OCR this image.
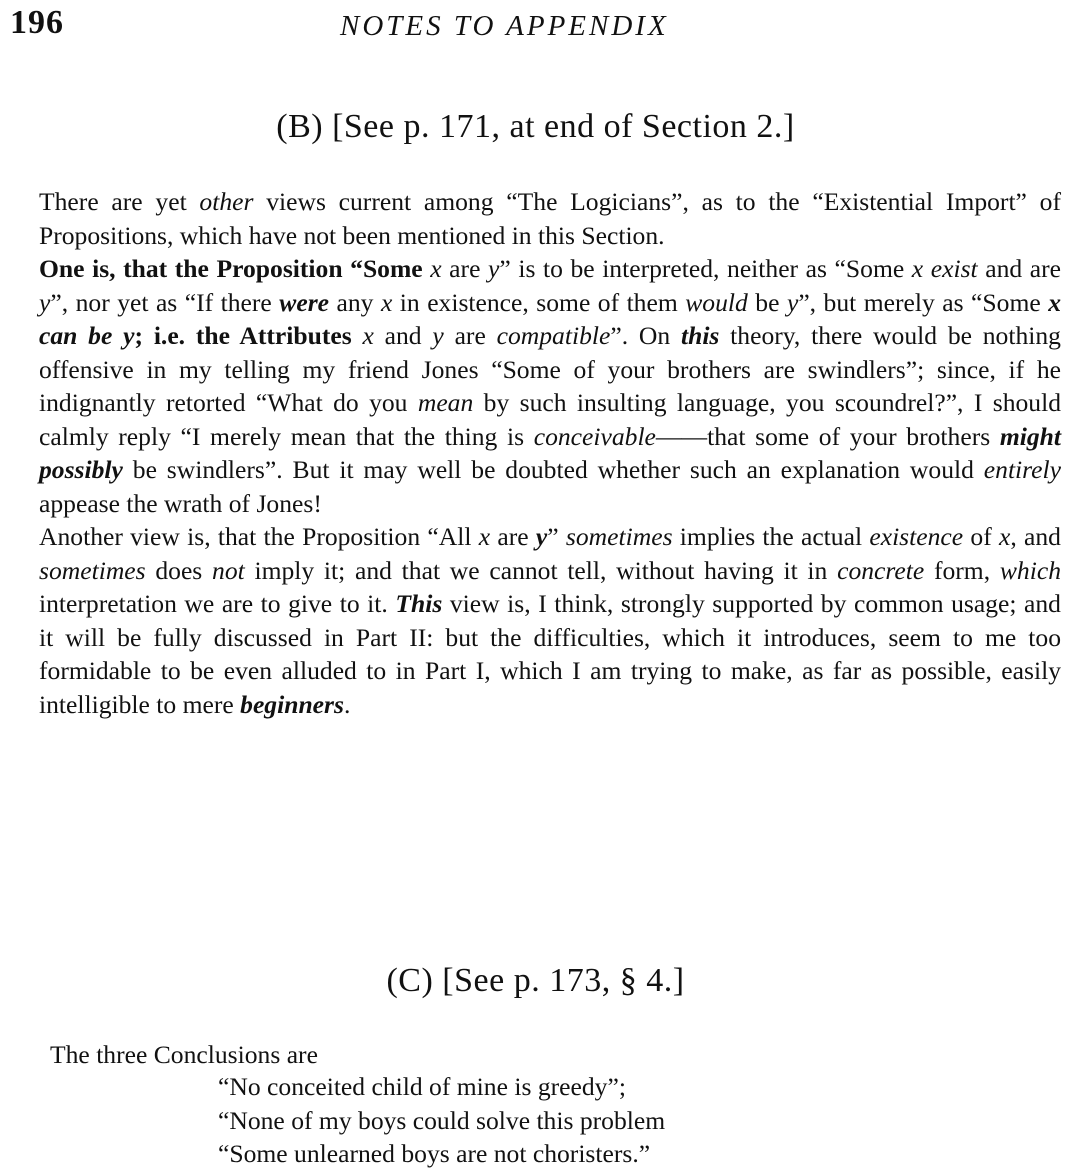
196	NOTES TO APPENDIX
(B) [See p. 171, at end of Section 2.]

There are yet other views current among “The Logicians”, as to the “Existential Import” of Propositions, which have not been mentioned in this Section.

One is, that the Proposition “Some x are y” is to be interpreted, neither as “Some x exist and are y”, nor yet as “If there were any x in existence, some of them would be y”, but merely as “Some x can be y; i.e. the Attributes x and y are compatible”. On this theory, there would be nothing offensive in my telling my friend Jones “Some of your brothers are swindlers”; since, if he indignantly retorted “What do you mean by such insulting language, you scoundrel?”, I should calmly reply “I merely mean that the thing is conceivable——that some of your brothers might possibly be swindlers”. But it may well be doubted whether such an explanation would entirely appease the wrath of Jones!

Another view is, that the Proposition “All x are y” sometimes implies the actual existence of x, and sometimes does not imply it; and that we cannot tell, without having it in concrete form, which interpretation we are to give to it. This view is, I think, strongly supported by common usage; and it will be fully discussed in Part II: but the difficulties, which it introduces, seem to me too formidable to be even alluded to in Part I, which I am trying to make, as far as possible, easily intelligible to mere beginners.

(C) [See p. 173, § 4.]
The three Conclusions are
“No conceited child of mine is greedy”;
“None of my boys could solve this problem
“Some unlearned boys are not choristers.”
